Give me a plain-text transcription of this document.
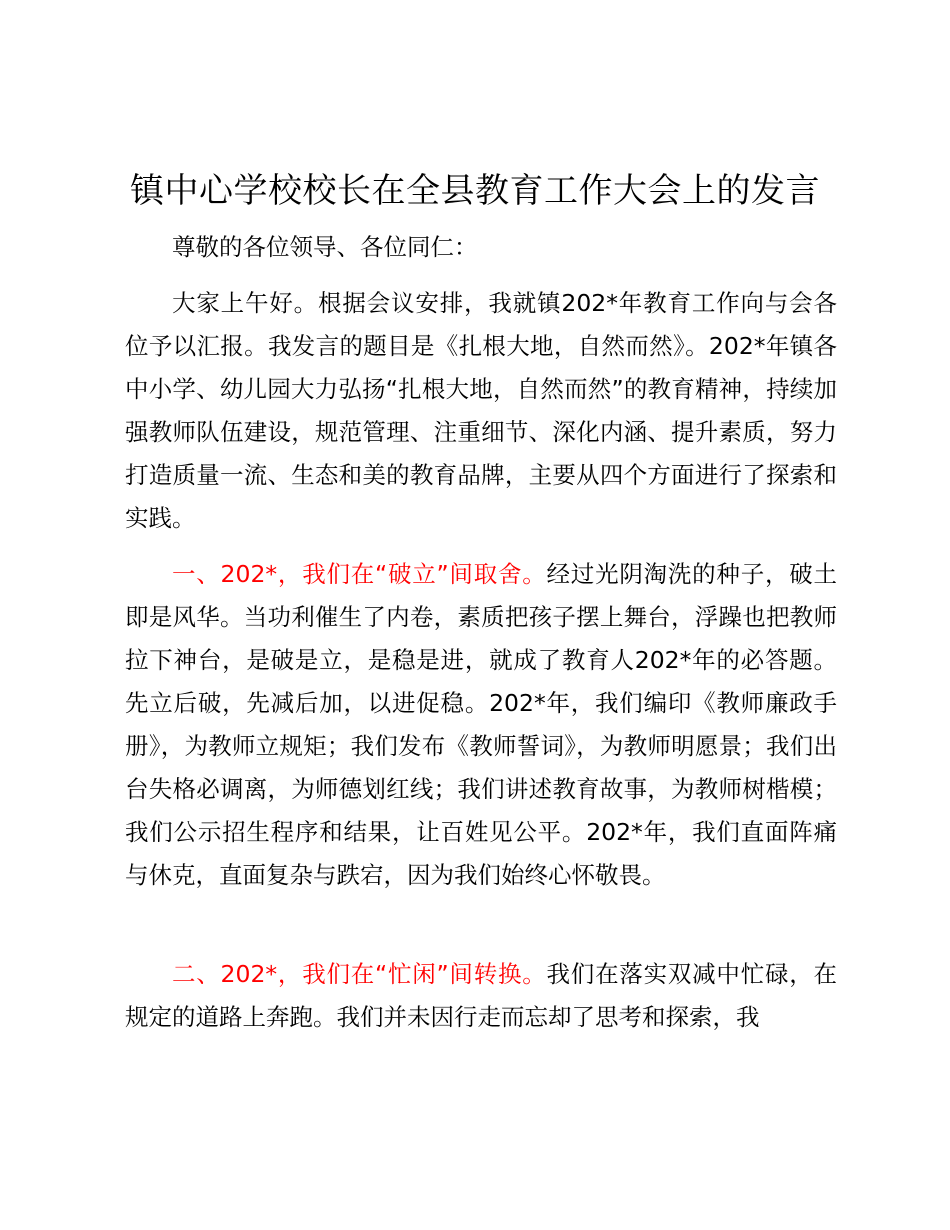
镇中心学校校长在全县教育工作大会上的发言

尊敬的各位领导、各位同仁：

大家上午好。根据会议安排，我就镇202*年教育工作向与会各位予以汇报。我发言的题目是《扎根大地，自然而然》。202*年镇各中小学、幼儿园大力弘扬“扎根大地，自然而然”的教育精神，持续加强教师队伍建设，规范管理、注重细节、深化内涵、提升素质，努力打造质量一流、生态和美的教育品牌，主要从四个方面进行了探索和实践。

一、202*，我们在“破立”间取舍。经过光阴淘洗的种子，破土即是风华。当功利催生了内卷，素质把孩子摆上舞台，浮躁也把教师拉下神台，是破是立，是稳是进，就成了教育人202*年的必答题。先立后破，先减后加，以进促稳。202*年，我们编印《教师廉政手册》，为教师立规矩；我们发布《教师誓词》，为教师明愿景；我们出台失格必调离，为师德划红线；我们讲述教育故事，为教师树楷模；我们公示招生程序和结果，让百姓见公平。202*年，我们直面阵痛与休克，直面复杂与跌宕，因为我们始终心怀敬畏。

二、202*，我们在“忙闲”间转换。我们在落实双减中忙碌，在规定的道路上奔跑。我们并未因行走而忘却了思考和探索，我
